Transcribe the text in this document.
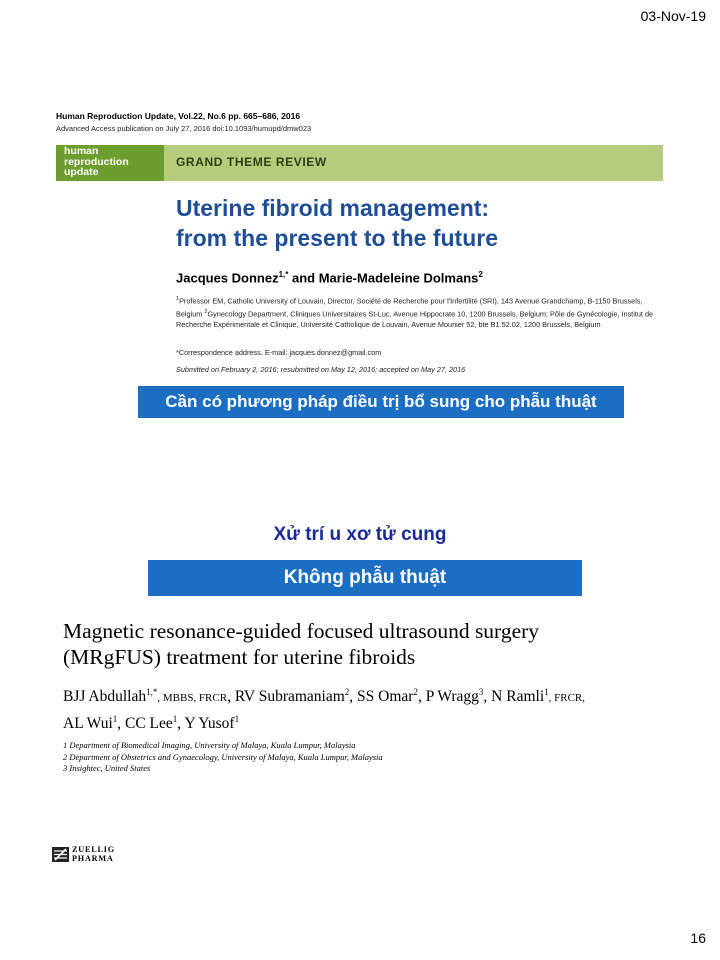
03-Nov-19
Human Reproduction Update, Vol.22, No.6 pp. 665–686, 2016
Advanced Access publication on July 27, 2016 doi:10.1093/humupd/dmw023
human
reproduction
update
GRAND THEME REVIEW
Uterine fibroid management:
from the present to the future
Jacques Donnez$^{1,*}$ and Marie-Madeleine Dolmans$^2$
$^1$Professor EM, Catholic University of Louvain, Director, Société de Recherche pour l'Infertilité (SRI), 143 Avenue Grandchamp, B-1150 Brussels, Belgium $^2$Gynecology Department, Cliniques Universitaires St-Luc, Avenue Hippocrate 10, 1200 Brussels, Belgium; Pôle de Gynécologie, Institut de Recherche Expérimentale et Clinique, Université Catholique de Louvain, Avenue Mounier 52, bte B1.52.02, 1200 Brussels, Belgium
*Correspondence address. E-mail: jacques.donnez@gmail.com
Submitted on February 2, 2016; resubmitted on May 12, 2016; accepted on May 27, 2016
Cần có phương pháp điều trị bổ sung cho phẫu thuật
Xử trí u xơ tử cung
Không phẫu thuật
Magnetic resonance-guided focused ultrasound surgery
(MRgFUS) treatment for uterine fibroids
BJJ Abdullah$^{1,*}$, MBBS, FRCR, RV Subramaniam$^2$, SS Omar$^2$, P Wragg$^3$, N Ramli$^1$, FRCR,
AL Wui$^1$, CC Lee$^1$, Y Yusof$^1$
1 Department of Biomedical Imaging, University of Malaya, Kuala Lumpur, Malaysia
2 Department of Obstetrics and Gynaecology, University of Malaya, Kuala Lumpur, Malaysia
3 Insightec, United States
ZUELLIG
PHARMA
16
